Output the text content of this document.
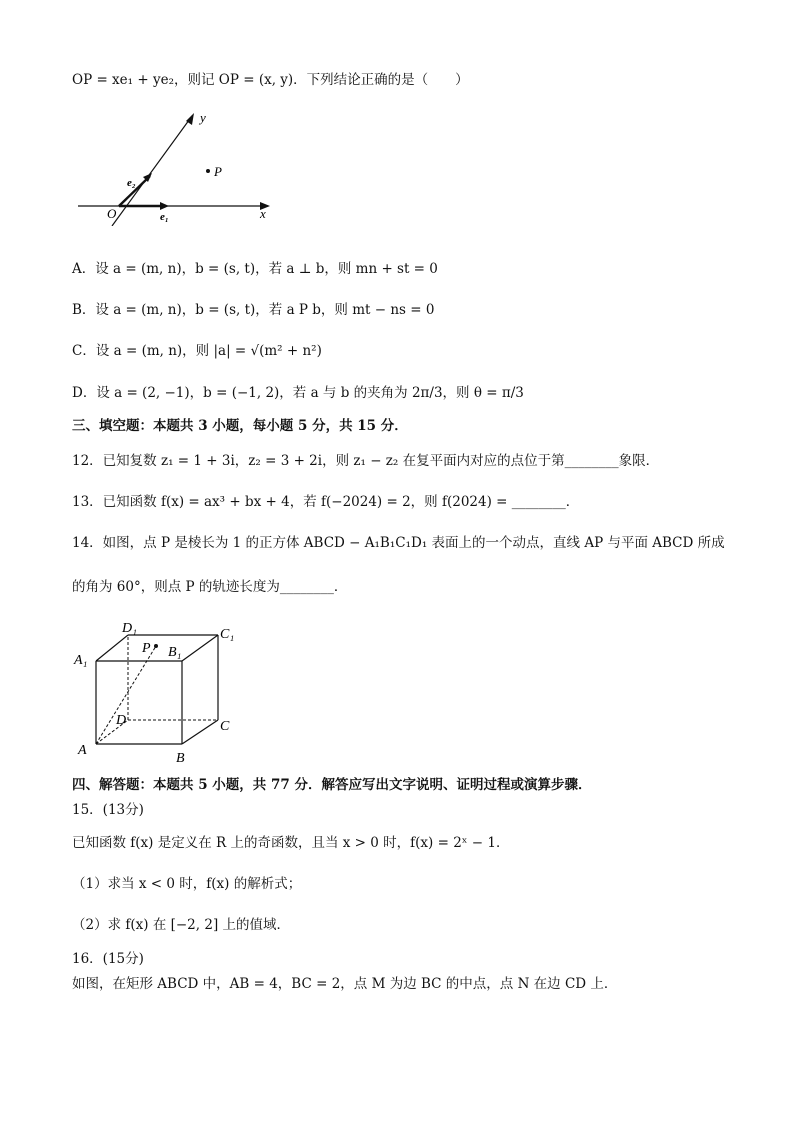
OP = xe₁ + ye₂，则记 OP = (x, y)．下列结论正确的是（　　）
y
x
O	e₁
e₂
P
A．设 a = (m, n)，b = (s, t)，若 a ⊥ b，则 mn + st = 0
B．设 a = (m, n)，b = (s, t)，若 a P b，则 mt − ns = 0
C．设 a = (m, n)，则 |a| = √(m² + n²)
D．设 a = (2, −1)，b = (−1, 2)，若 a 与 b 的夹角为 2π/3，则 θ = π/3
三、填空题：本题共 3 小题，每小题 5 分，共 15 分．
12．已知复数 z₁ = 1 + 3i，z₂ = 3 + 2i，则 z₁ − z₂ 在复平面内对应的点位于第________象限．
13．已知函数 f(x) = ax³ + bx + 4，若 f(−2024) = 2，则 f(2024) = ________．
14．如图，点 P 是棱长为 1 的正方体 ABCD − A₁B₁C₁D₁ 表面上的一个动点，直线 AP 与平面 ABCD 所成
的角为 60°，则点 P 的轨迹长度为________．
A
B
C
D
A₁
B₁
C₁
D₁
P
四、解答题：本题共 5 小题，共 77 分．解答应写出文字说明、证明过程或演算步骤．
15．(13分)
已知函数 f(x) 是定义在 R 上的奇函数，且当 x > 0 时，f(x) = 2ˣ − 1．
（1）求当 x < 0 时，f(x) 的解析式；
（2）求 f(x) 在 [−2, 2] 上的值域．
16．(15分)
如图，在矩形 ABCD 中，AB = 4，BC = 2，点 M 为边 BC 的中点，点 N 在边 CD 上．
